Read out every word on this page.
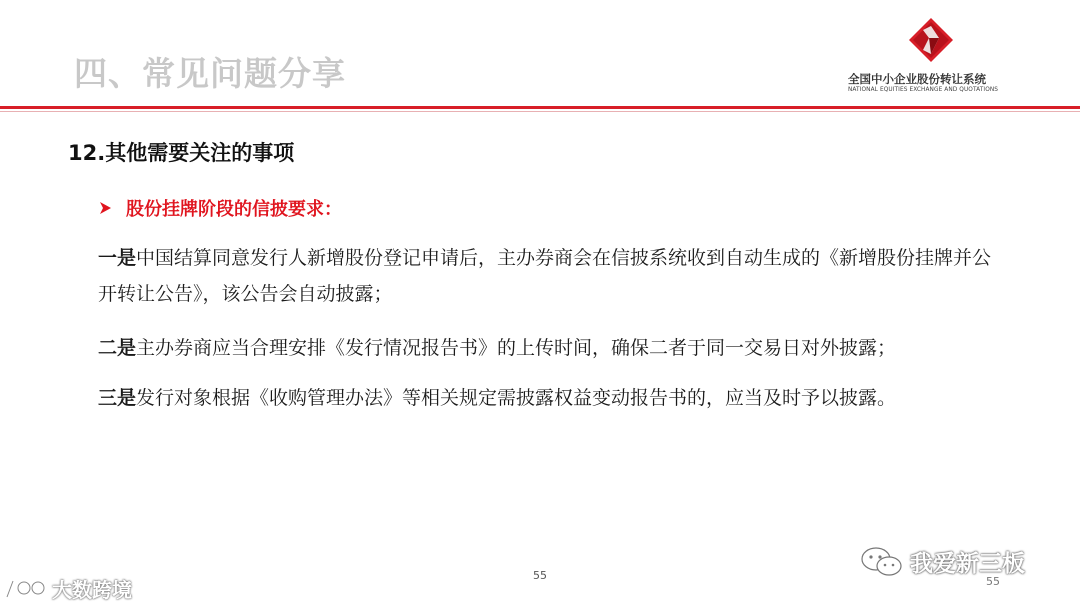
四、常见问题分享	全国中小企业股份转让系统
NATIONAL EQUITIES EXCHANGE AND QUOTATIONS
12.其他需要关注的事项
股份挂牌阶段的信披要求：
一是中国结算同意发行人新增股份登记申请后，主办券商会在信披系统收到自动生成的《新增股份挂牌并公开转让公告》，该公告会自动披露；
二是主办券商应当合理安排《发行情况报告书》的上传时间，确保二者于同一交易日对外披露；
三是发行对象根据《收购管理办法》等相关规定需披露权益变动报告书的，应当及时予以披露。
55	55
大数跨境
我爱新三板
